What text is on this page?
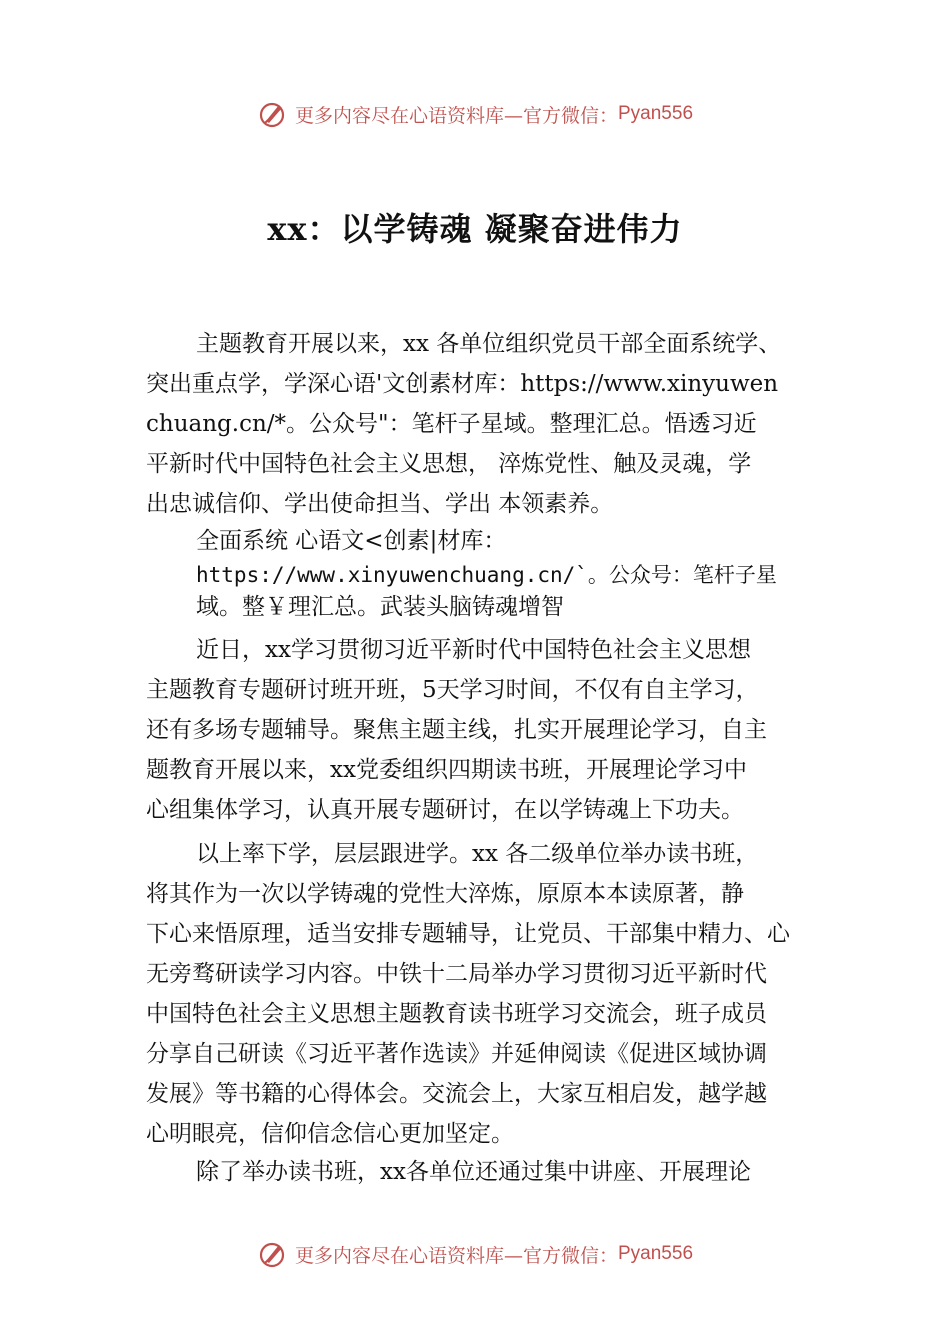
更多内容尽在心语资料库—官方微信： Pyan556
xx：以学铸魂 凝聚奋进伟力

主题教育开展以来，xx 各单位组织党员干部全面系统学、
突出重点学，学深心语'文创素材库：https://www.xinyuwen
chuang.cn/*。公众号"：笔杆子星域。整理汇总。悟透习近
平新时代中国特色社会主义思想， 淬炼党性、触及灵魂，学
出忠诚信仰、学出使命担当、学出 本领素养。

全面系统 心语文<创素|材库：
https://www.xinyuwenchuang.cn/`。公众号：笔杆子星
域。整￥理汇总。武装头脑铸魂增智

近日，xx学习贯彻习近平新时代中国特色社会主义思想
主题教育专题研讨班开班，5天学习时间，不仅有自主学习，
还有多场专题辅导。聚焦主题主线，扎实开展理论学习，自主
题教育开展以来，xx党委组织四期读书班，开展理论学习中
心组集体学习，认真开展专题研讨，在以学铸魂上下功夫。

以上率下学，层层跟进学。xx 各二级单位举办读书班，
将其作为一次以学铸魂的党性大淬炼，原原本本读原著，静
下心来悟原理，适当安排专题辅导，让党员、干部集中精力、心
无旁骛研读学习内容。中铁十二局举办学习贯彻习近平新时代
中国特色社会主义思想主题教育读书班学习交流会，班子成员
分享自己研读《习近平著作选读》并延伸阅读《促进区域协调
发展》等书籍的心得体会。交流会上，大家互相启发，越学越
心明眼亮，信仰信念信心更加坚定。

除了举办读书班，xx各单位还通过集中讲座、开展理论

更多内容尽在心语资料库—官方微信： Pyan556
